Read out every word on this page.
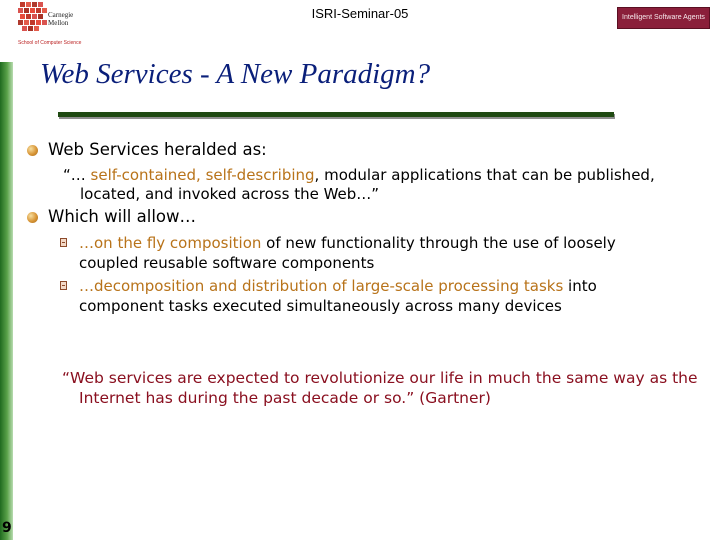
9
Carnegie
Mellon
School of Computer Science
ISRI-Seminar-05	Intelligent Software Agents
Web Services - A New Paradigm?
Web Services heralded as:
“… self-contained, self-describing, modular applications that can be published,
located, and invoked across the Web…”
Which will allow…
…on the fly composition of new functionality through the use of loosely
coupled reusable software components
…decomposition and distribution of large-scale processing tasks into
component tasks executed simultaneously across many devices
“Web services are expected to revolutionize our life in much the same way as the
Internet has during the past decade or so.” (Gartner)
